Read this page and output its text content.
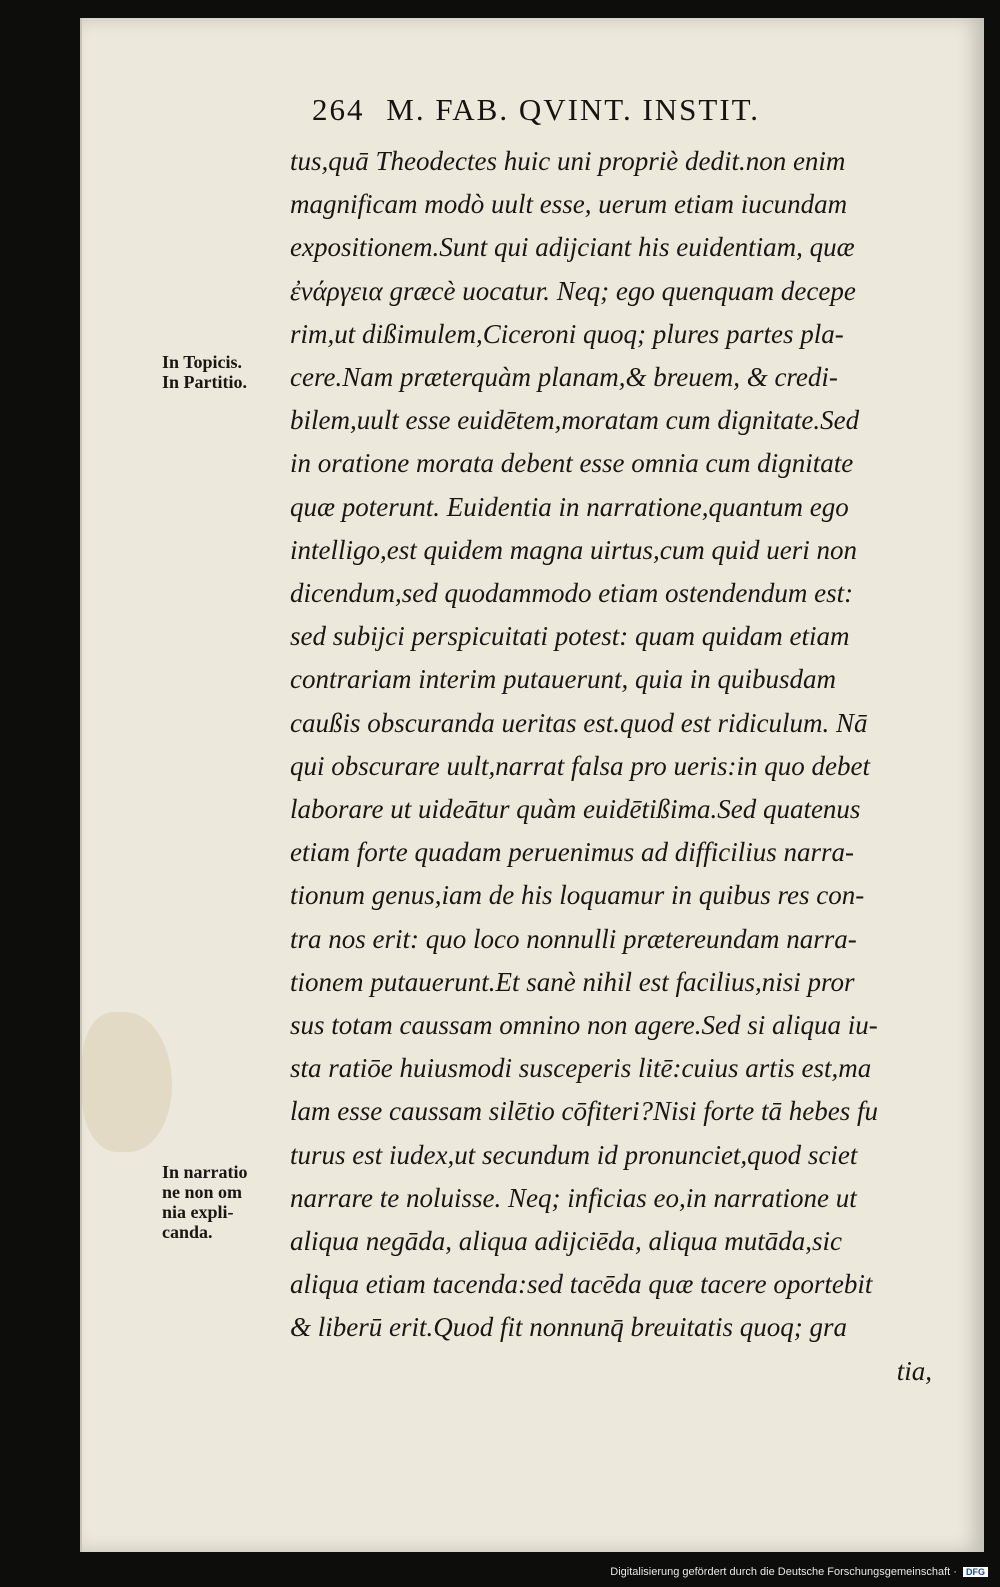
264 M. FAB. QVINT. INSTIT.
tus,quā Theodectes huic uni propriè dedit.non enim
magnificam modò uult esse, uerum etiam iucundam
expositionem.Sunt qui adijciant his euidentiam, quæ
ἐνάργεια græcè uocatur. Neq; ego quenquam decepe
rim,ut dißimulem,Ciceroni quoq; plures partes pla-
cere.Nam præterquàm planam,& breuem, & credi-
bilem,uult esse euidētem,moratam cum dignitate.Sed
in oratione morata debent esse omnia cum dignitate
quæ poterunt. Euidentia in narratione,quantum ego
intelligo,est quidem magna uirtus,cum quid ueri non
dicendum,sed quodammodo etiam ostendendum est:
sed subijci perspicuitati potest: quam quidam etiam
contrariam interim putauerunt, quia in quibusdam
caußis obscuranda ueritas est.quod est ridiculum. Nā
qui obscurare uult,narrat falsa pro ueris:in quo debet
laborare ut uideātur quàm euidētißima.Sed quatenus
etiam forte quadam peruenimus ad difficilius narra-
tionum genus,iam de his loquamur in quibus res con-
tra nos erit: quo loco nonnulli prætereundam narra-
tionem putauerunt.Et sanè nihil est facilius,nisi pror
sus totam caussam omnino non agere.Sed si aliqua iu-
sta ratiōe huiusmodi susceperis litē:cuius artis est,ma
lam esse caussam silētio cōfiteri?Nisi forte tā hebes fu
turus est iudex,ut secundum id pronunciet,quod sciet
narrare te noluisse. Neq; inficias eo,in narratione ut
aliqua negāda, aliqua adijciēda, aliqua mutāda,sic
aliqua etiam tacenda:sed tacēda quæ tacere oportebit
& liberū erit.Quod fit nonnunq̄ breuitatis quoq; gra
tia,
In Topicis.
In Partitio.
In narratio
ne non om
nia expli-
canda.
Digitalisierung gefördert durch die Deutsche Forschungsgemeinschaft · DFG
